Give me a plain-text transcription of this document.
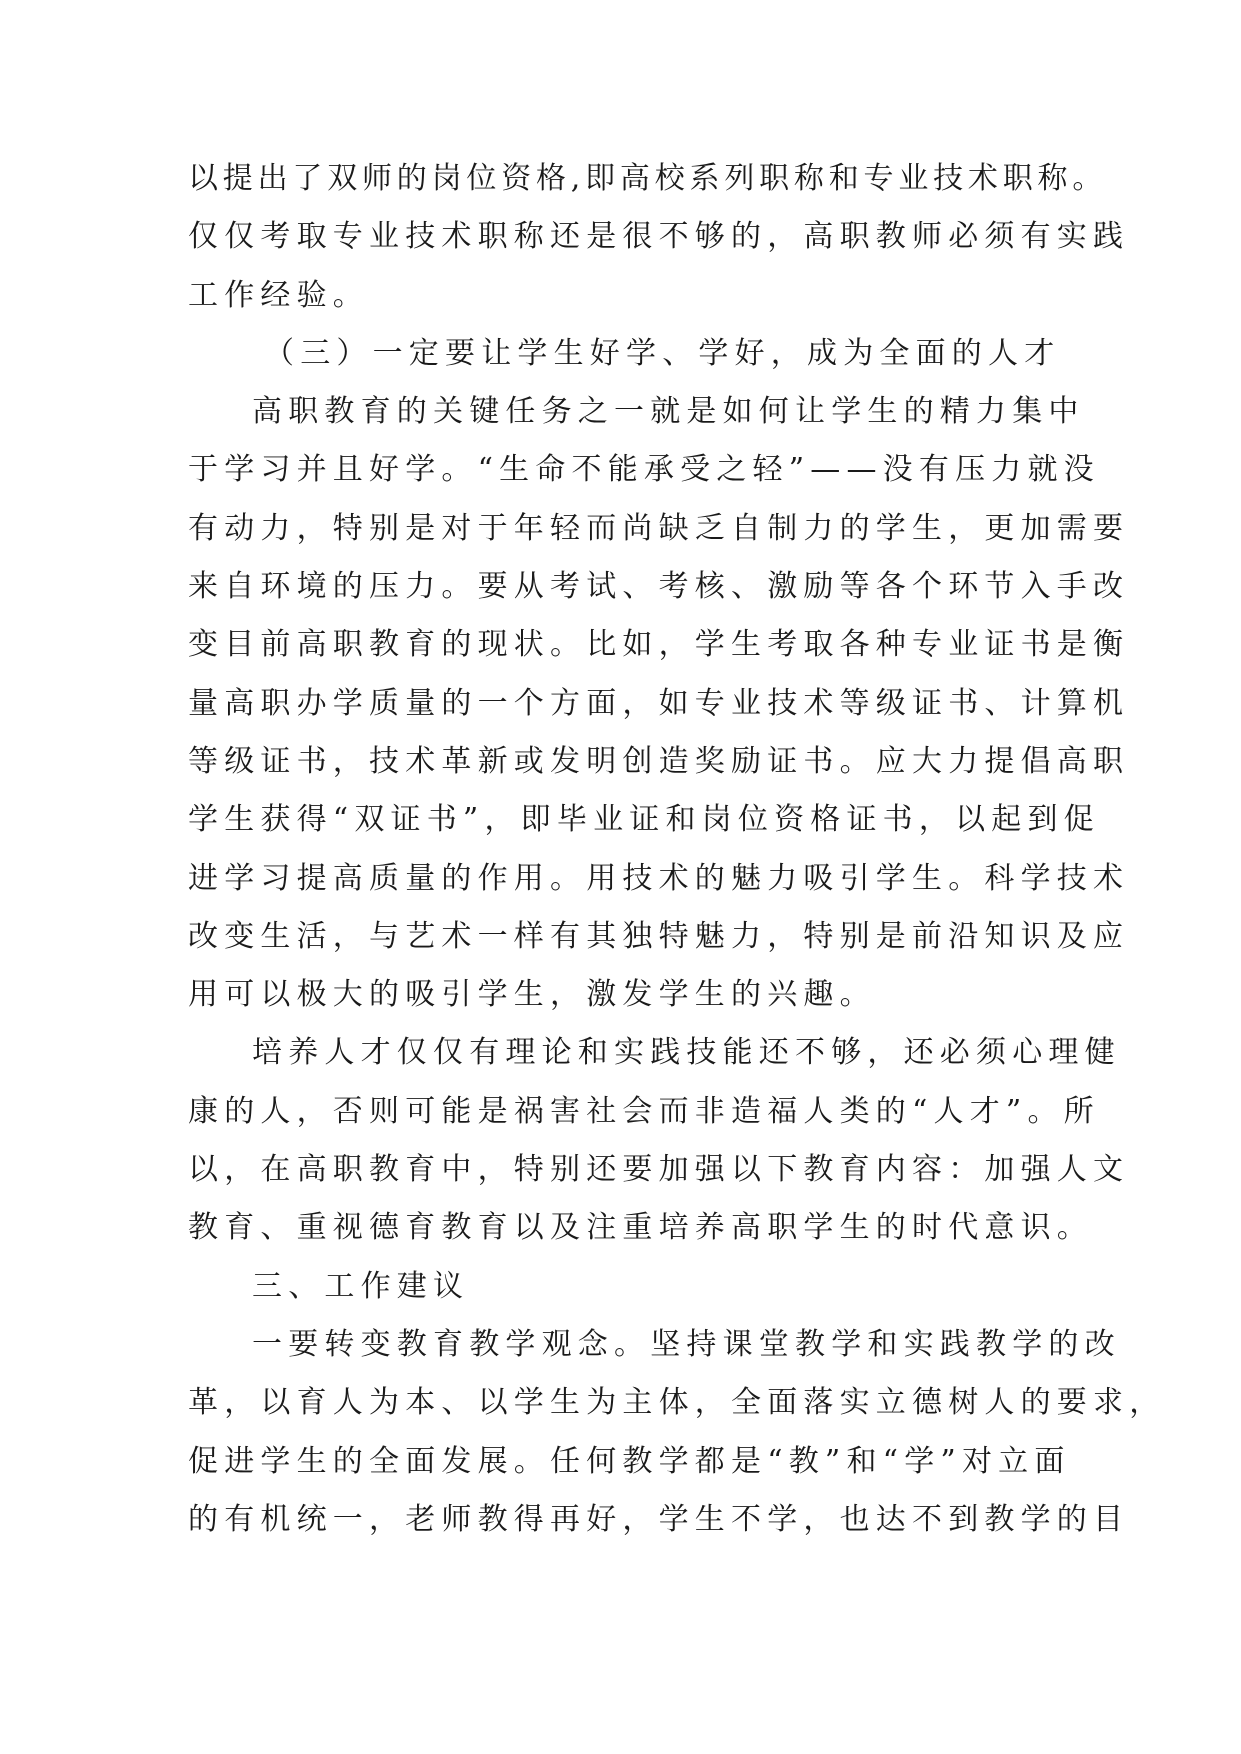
以提出了双师的岗位资格,即高校系列职称和专业技术职称。
仅仅考取专业技术职称还是很不够的，高职教师必须有实践
工作经验。
（三）一定要让学生好学、学好，成为全面的人才
高职教育的关键任务之一就是如何让学生的精力集中
于学习并且好学。“生命不能承受之轻”——没有压力就没
有动力，特别是对于年轻而尚缺乏自制力的学生，更加需要
来自环境的压力。要从考试、考核、激励等各个环节入手改
变目前高职教育的现状。比如，学生考取各种专业证书是衡
量高职办学质量的一个方面，如专业技术等级证书、计算机
等级证书，技术革新或发明创造奖励证书。应大力提倡高职
学生获得“双证书”，即毕业证和岗位资格证书，以起到促
进学习提高质量的作用。用技术的魅力吸引学生。科学技术
改变生活，与艺术一样有其独特魅力，特别是前沿知识及应
用可以极大的吸引学生，激发学生的兴趣。
培养人才仅仅有理论和实践技能还不够，还必须心理健
康的人，否则可能是祸害社会而非造福人类的“人才”。所
以，在高职教育中，特别还要加强以下教育内容：加强人文
教育、重视德育教育以及注重培养高职学生的时代意识。
三、工作建议
一要转变教育教学观念。坚持课堂教学和实践教学的改
革，以育人为本、以学生为主体，全面落实立德树人的要求，
促进学生的全面发展。任何教学都是“教”和“学”对立面
的有机统一，老师教得再好，学生不学，也达不到教学的目
